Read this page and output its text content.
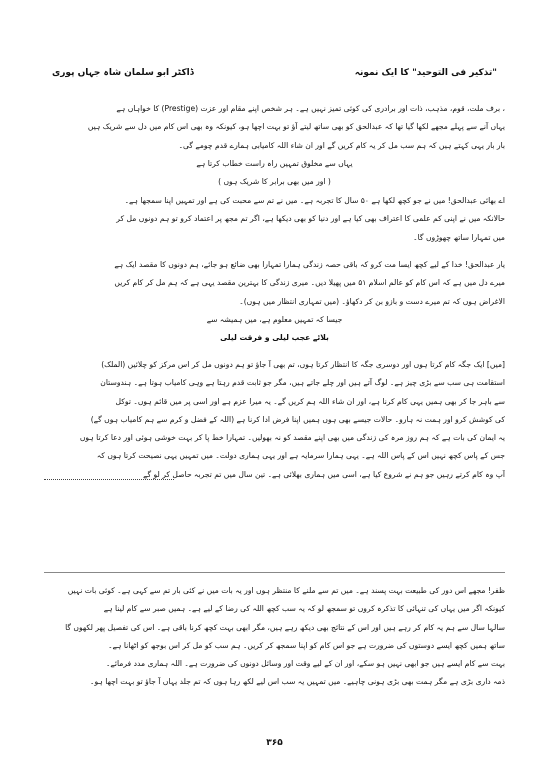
"تذکیر فی التوحید" کا ایک نمونہ
ڈاکٹر ابو سلمان شاہ جہاں پوری
، برف ملت، قوم، مذہب، ذات اور برادری کی کوئی تمیز نہیں ہے۔ ہر شخص اپنے مقام اور عزت (Prestige) کا خواہاں ہے
یہاں آنے سے پہلے مجھے لکھا گیا تھا کہ عبدالحق کو بھی ساتھ لیتے آؤ تو بہت اچھا ہو، کیونکہ وہ بھی اس کام میں دل سے شریک ہیں
بار بار یہی کہتے ہیں کہ ہم سب مل کر یہ کام کریں گے اور ان شاء اللہ کامیابی ہمارے قدم چومے گی۔
یہاں سے مخلوق تمہیں راہ راست خطاب کرتا ہے
( اور میں بھی برابر کا شریک ہوں )
اے بھائی عبدالحق! میں نے جو کچھ لکھا ہے ۵۰ سال کا تجربہ ہے۔ میں نے تم سے محبت کی ہے اور تمہیں اپنا سمجھا ہے۔
حالانکہ میں نے اپنی کم علمی کا اعتراف بھی کیا ہے اور دنیا کو بھی دیکھا ہے، اگر تم مجھ پر اعتماد کرو تو ہم دونوں مل کر
میں تمہارا ساتھ چھوڑوں گا۔
یار عبدالحق! خدا کے لیے کچھ ایسا مت کرو کہ باقی حصہ زندگی ہمارا تمہارا بھی ضائع ہو جائے، ہم دونوں کا مقصد ایک ہے
میرے دل میں ہے کہ اس کام کو عالم اسلام ۵۱ میں پھیلا دیں۔ میری زندگی کا بہترین مقصد یہی ہے کہ ہم مل کر کام کریں
الاغراض ہوں کہ تم میرے دست و بازو بن کر دکھاؤ۔ (میں تمہاری انتظار میں ہوں)۔
جیسا کہ تمہیں معلوم ہے، میں ہمیشہ سے
بلائے عجب لیلی و فرقت لیلی
[میں] ایک جگہ کام کرتا ہوں اور دوسری جگہ کا انتظار کرتا ہوں، تم بھی آ جاؤ تو ہم دونوں مل کر اس مرکز کو چلائیں (الملک)
استقامت ہی سب سے بڑی چیز ہے۔ لوگ آتے ہیں اور چلے جاتے ہیں، مگر جو ثابت قدم رہتا ہے وہی کامیاب ہوتا ہے۔ ہندوستان
سے باہر جا کر بھی ہمیں یہی کام کرنا ہے، اور ان شاء اللہ ہم کریں گے۔ یہ میرا عزم ہے اور اسی پر میں قائم ہوں۔ توکل
کی کوشش کرو اور ہمت نہ ہارو۔ حالات جیسے بھی ہوں ہمیں اپنا فرض ادا کرنا ہے (اللہ کے فضل و کرم سے ہم کامیاب ہوں گے)
یہ ایمان کی بات ہے کہ ہم روز مرہ کی زندگی میں بھی اپنے مقصد کو نہ بھولیں۔ تمہارا خط پا کر بہت خوشی ہوئی اور دعا کرتا ہوں
جس کے پاس کچھ نہیں اس کے پاس اللہ ہے۔ یہی ہمارا سرمایہ ہے اور یہی ہماری دولت۔ میں تمہیں یہی نصیحت کرتا ہوں کہ
آپ وہ کام کرتے رہیں جو ہم نے شروع کیا ہے، اسی میں ہماری بھلائی ہے۔ تین سال میں تم تجربہ حاصل کر لو گے
ظفر! مجھے اس دور کی طبیعت بہت پسند ہے۔ میں تم سے ملنے کا منتظر ہوں اور یہ بات میں نے کئی بار تم سے کہی ہے۔ کوئی بات نہیں
کیونکہ اگر میں یہاں کی تنہائی کا تذکرہ کروں تو سمجھ لو کہ یہ سب کچھ اللہ کی رضا کے لیے ہے۔ ہمیں صبر سے کام لینا ہے
سالہا سال سے ہم یہ کام کر رہے ہیں اور اس کے نتائج بھی دیکھ رہے ہیں، مگر ابھی بہت کچھ کرنا باقی ہے۔ اس کی تفصیل پھر لکھوں گا
ساتھ ہمیں کچھ ایسے دوستوں کی ضرورت ہے جو اس کام کو اپنا سمجھ کر کریں۔ ہم سب کو مل کر اس بوجھ کو اٹھانا ہے۔
بہت سے کام ایسے ہیں جو ابھی نہیں ہو سکے، اور ان کے لیے وقت اور وسائل دونوں کی ضرورت ہے۔ اللہ ہماری مدد فرمائے۔
ذمہ داری بڑی ہے مگر ہمت بھی بڑی ہونی چاہیے۔ میں تمہیں یہ سب اس لیے لکھ رہا ہوں کہ تم جلد یہاں آ جاؤ تو بہت اچھا ہو۔
۳۶۵
